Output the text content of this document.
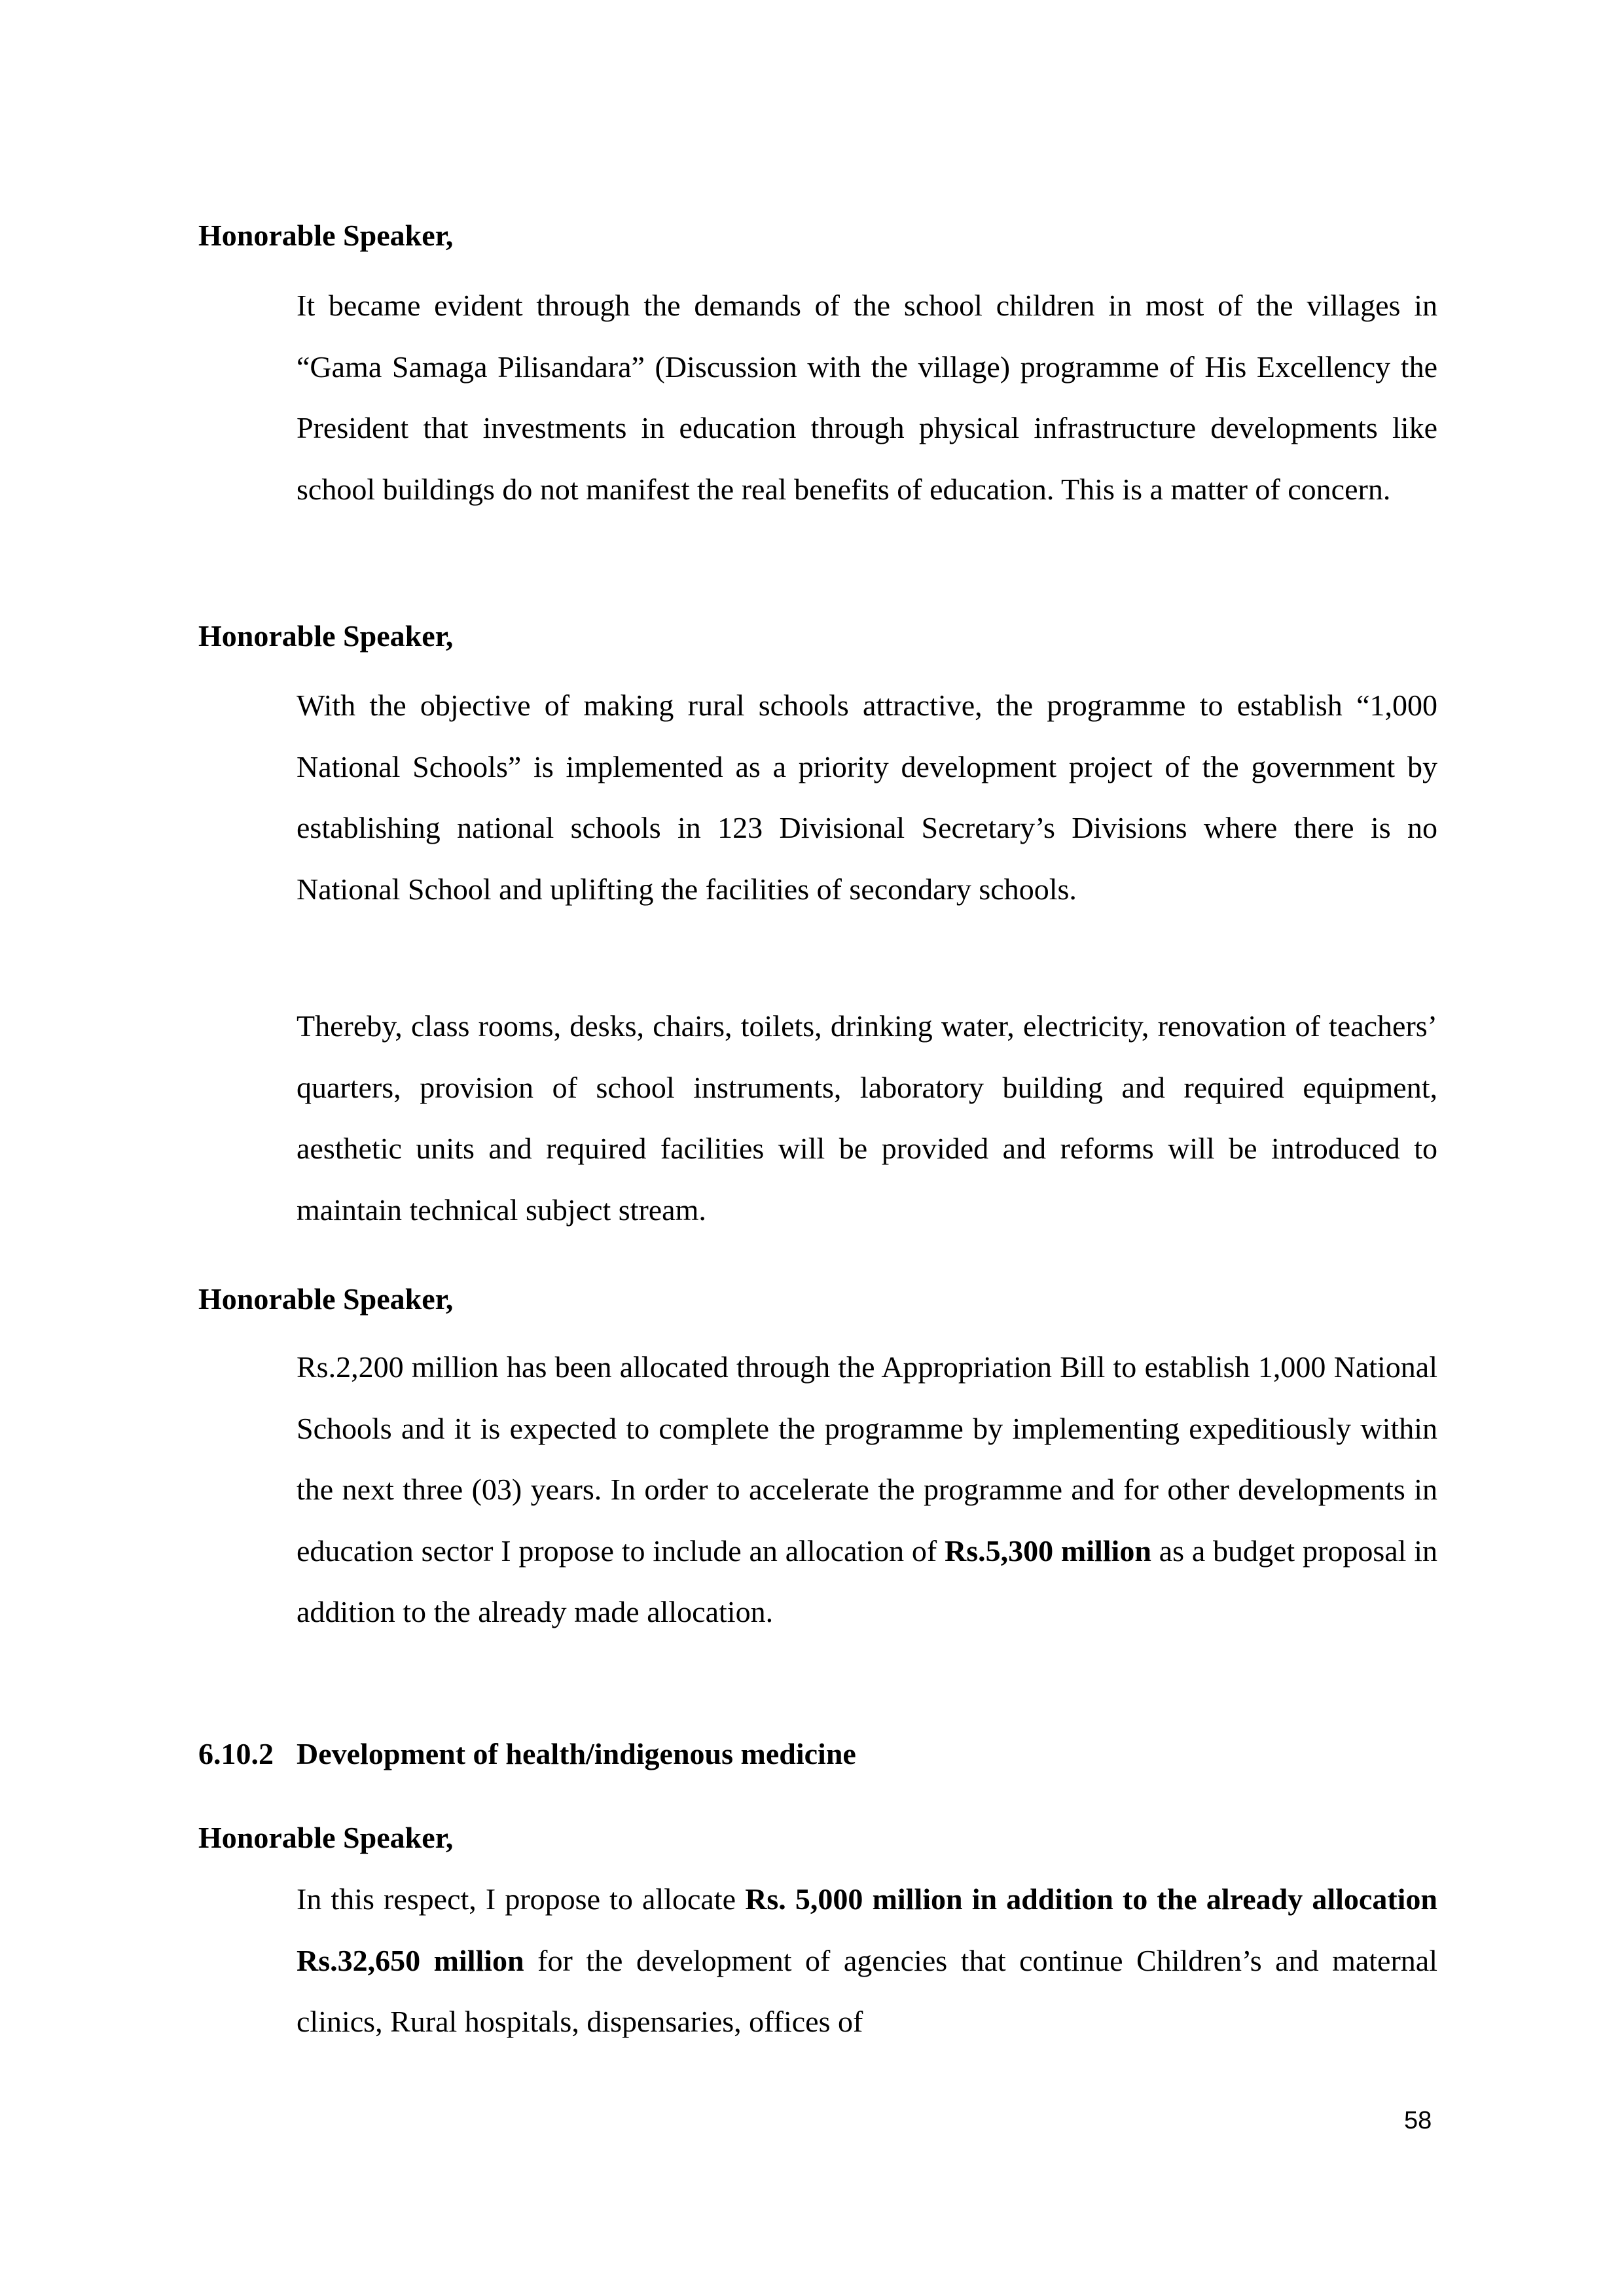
Honorable Speaker,

It became evident through the demands of the school children in most of the villages in “Gama Samaga Pilisandara” (Discussion with the village) programme of His Excellency the President that investments in education through physical infrastructure developments like school buildings do not manifest the real benefits of education. This is a matter of concern.

Honorable Speaker,

With the objective of making rural schools attractive, the programme to establish “1,000 National Schools” is implemented as a priority development project of the government by establishing national schools in 123 Divisional Secretary’s Divisions where there is no National School and uplifting the facilities of secondary schools.

Thereby, class rooms, desks, chairs, toilets, drinking water, electricity, renovation of teachers’ quarters, provision of school instruments, laboratory building and required equipment, aesthetic units and required facilities will be provided and reforms will be introduced to maintain technical subject stream.

Honorable Speaker,

Rs.2,200 million has been allocated through the Appropriation Bill to establish 1,000 National Schools and it is expected to complete the programme by implementing expeditiously within the next three (03) years. In order to accelerate the programme and for other developments in education sector I propose to include an allocation of Rs.5,300 million as a budget proposal in addition to the already made allocation.

6.10.2 Development of health/indigenous medicine
Honorable Speaker,

In this respect, I propose to allocate Rs. 5,000 million in addition to the already allocation Rs.32,650 million for the development of agencies that continue Children’s and maternal clinics, Rural hospitals, dispensaries, offices of

58
